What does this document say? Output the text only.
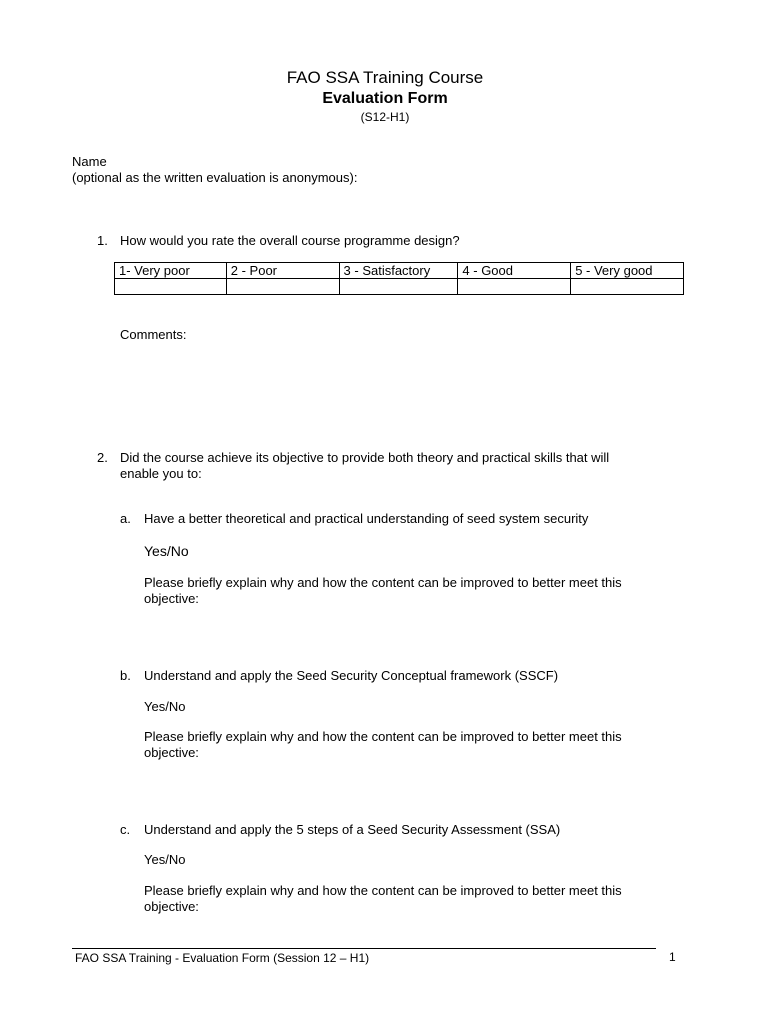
FAO SSA Training Course
Evaluation Form
(S12-H1)
Name
(optional as the written evaluation is anonymous):
1. How would you rate the overall course programme design?
1- Very poor	2 - Poor	3 - Satisfactory	4 - Good	5 - Very good

Comments:
2. Did the course achieve its objective to provide both theory and practical skills that will
enable you to:
a. Have a better theoretical and practical understanding of seed system security
Yes/No
Please briefly explain why and how the content can be improved to better meet this
objective:
b. Understand and apply the Seed Security Conceptual framework (SSCF)
Yes/No
Please briefly explain why and how the content can be improved to better meet this
objective:
c. Understand and apply the 5 steps of a Seed Security Assessment (SSA)
Yes/No
Please briefly explain why and how the content can be improved to better meet this
objective:
FAO SSA Training - Evaluation Form (Session 12 – H1)	1
